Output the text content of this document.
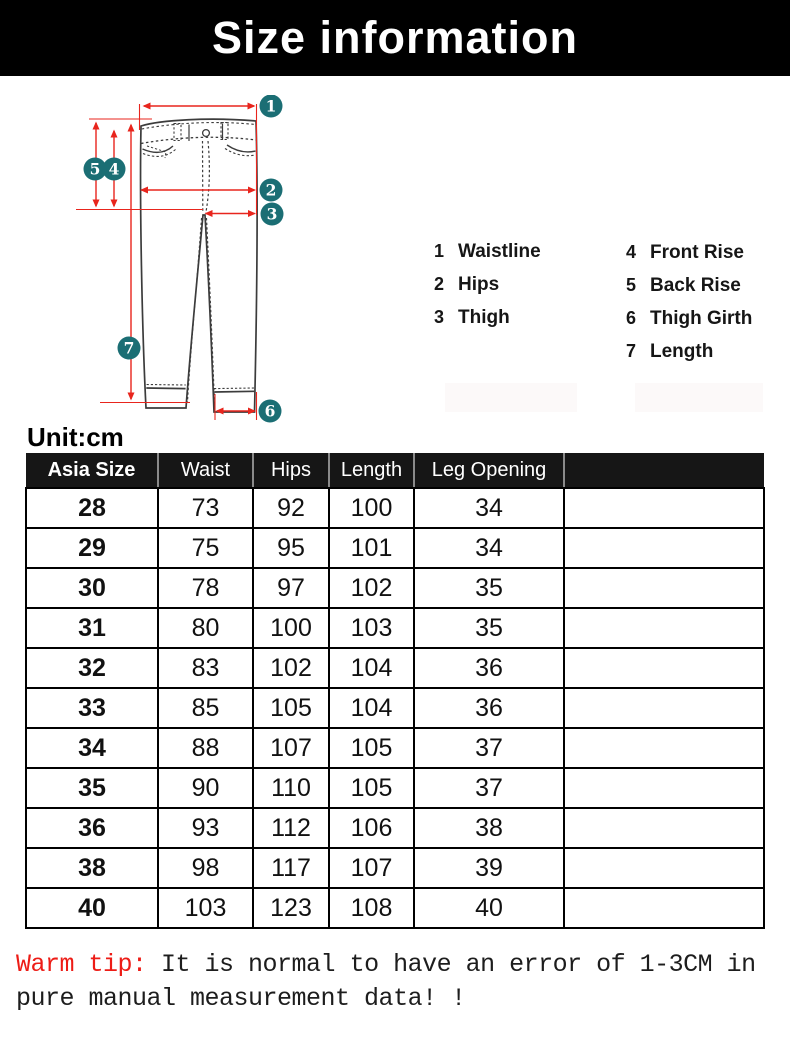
Size information
1
2
3
4
5
6
7
1 Waistline
2 Hips
3 Thigh
4 Front Rise
5 Back Rise
6 Thigh Girth
7 Length
Unit:cm
Asia Size	Waist	Hips	Length	Leg Opening	
28	73	92	100	34	
29	75	95	101	34	
30	78	97	102	35	
31	80	100	103	35	
32	83	102	104	36	
33	85	105	104	36	
34	88	107	105	37	
35	90	110	105	37	
36	93	112	106	38	
38	98	117	107	39	
40	103	123	108	40	
Warm tip: It is normal to have an error of 1-3CM in
pure manual measurement data! !
